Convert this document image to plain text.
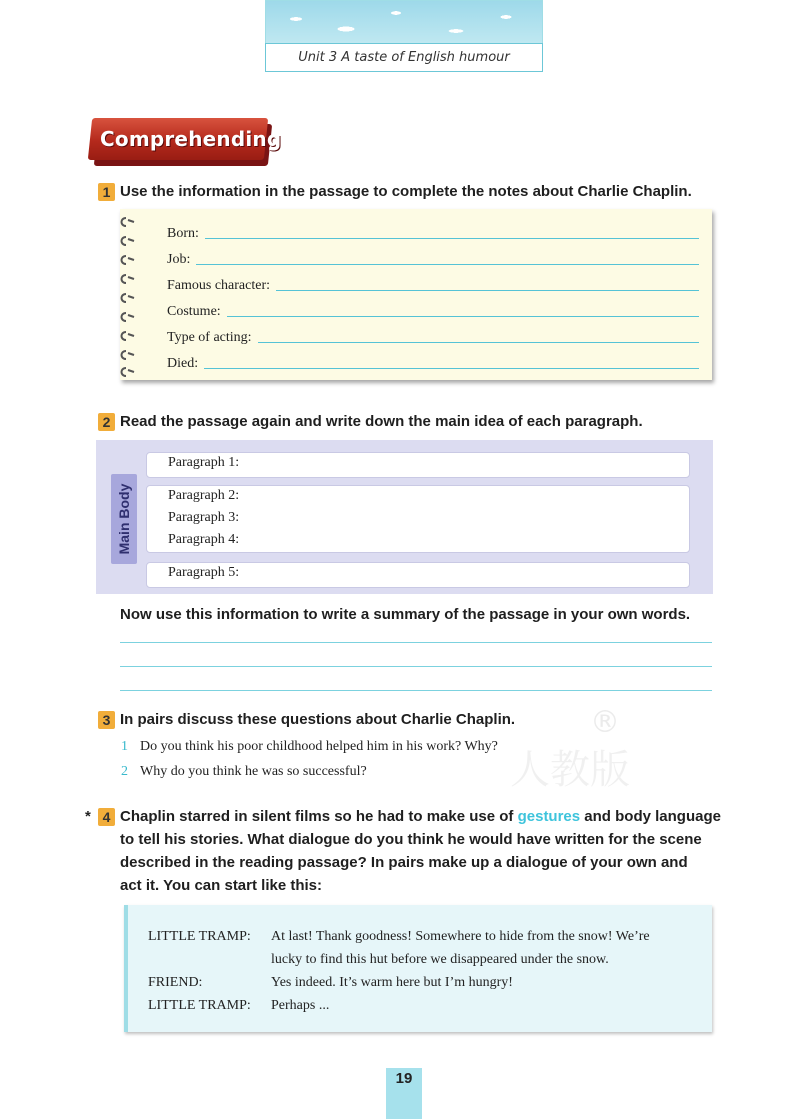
Unit 3 A taste of English humour
Comprehending
1 Use the information in the passage to complete the notes about Charlie Chaplin.
Born:
Job:
Famous character:
Costume:
Type of acting:
Died:
2 Read the passage again and write down the main idea of each paragraph.
Main Body
Paragraph 1:
Paragraph 2:
Paragraph 3:
Paragraph 4:
Paragraph 5:
Now use this information to write a summary of the passage in your own words.
人教版
®
3 In pairs discuss these questions about Charlie Chaplin.
1 Do you think his poor childhood helped him in his work? Why?
2 Why do you think he was so successful?
* 4 Chaplin starred in silent films so he had to make use of gestures and body language
to tell his stories. What dialogue do you think he would have written for the scene
described in the reading passage? In pairs make up a dialogue of your own and
act it. You can start like this:
LITTLE TRAMP: At last! Thank goodness! Somewhere to hide from the snow! We’re
lucky to find this hut before we disappeared under the snow.
FRIEND:	Yes indeed. It’s warm here but I’m hungry!
LITTLE TRAMP: Perhaps ...
19
